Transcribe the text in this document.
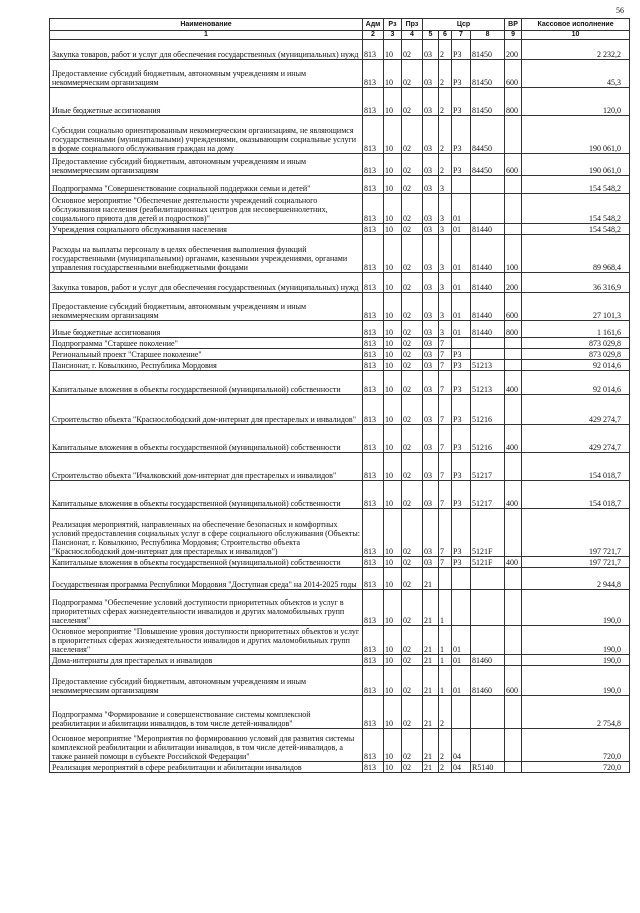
56
Наименование	Адм	Рз	Прз	Цср				ВР	Кассовое исполнение
1	2	3	4	5	6	7	8	9	10
Закупка товаров, работ и услуг для обеспечения государственных (муниципальных) нужд	813	10	02	03	2	P3	81450	200	2 232,2
Предоставление субсидий бюджетным, автономным учреждениям и иным некоммерческим организациям	813	10	02	03	2	P3	81450	600	45,3
Иные бюджетные ассигнования	813	10	02	03	2	P3	81450	800	120,0
Субсидии социально ориентированным некоммерческим организациям, не являющимся государственными (муниципальными) учреждениями, оказывающим социальные услуги в форме социального обслуживания граждан на дому	813	10	02	03	2	P3	84450		190 061,0
Предоставление субсидий бюджетным, автономным учреждениям и иным некоммерческим организациям	813	10	02	03	2	P3	84450	600	190 061,0
Подпрограмма "Совершенствование социальной поддержки семьи и детей"	813	10	02	03	3				154 548,2
Основное мероприятие "Обеспечение деятельности учреждений социального обслуживания населения (реабилитационных центров для несовершеннолетних, социального приюта для детей и подростков)"	813	10	02	03	3	01			154 548,2
Учреждения социального обслуживания населения	813	10	02	03	3	01	81440		154 548,2
Расходы на выплаты персоналу в целях обеспечения выполнения функций государственными (муниципальными) органами, казенными учреждениями, органами управления государственными внебюджетными фондами	813	10	02	03	3	01	81440	100	89 968,4
Закупка товаров, работ и услуг для обеспечения государственных (муниципальных) нужд	813	10	02	03	3	01	81440	200	36 316,9
Предоставление субсидий бюджетным, автономным учреждениям и иным некоммерческим организациям	813	10	02	03	3	01	81440	600	27 101,3
Иные бюджетные ассигнования	813	10	02	03	3	01	81440	800	1 161,6
Подпрограмма "Старшее поколение"	813	10	02	03	7				873 029,8
Региональный проект "Старшее поколение"	813	10	02	03	7	P3			873 029,8
Пансионат, г. Ковылкино, Республика Мордовия	813	10	02	03	7	P3	51213		92 014,6
Капитальные вложения в объекты государственной (муниципальной) собственности	813	10	02	03	7	P3	51213	400	92 014,6
Строительство объекта "Краснослободский дом-интернат для престарелых и инвалидов"	813	10	02	03	7	P3	51216		429 274,7
Капитальные вложения в объекты государственной (муниципальной) собственности	813	10	02	03	7	P3	51216	400	429 274,7
Строительство объекта "Ичалковский дом-интернат для престарелых и инвалидов"	813	10	02	03	7	P3	51217		154 018,7
Капитальные вложения в объекты государственной (муниципальной) собственности	813	10	02	03	7	P3	51217	400	154 018,7
Реализация мероприятий, направленных на обеспечение безопасных и комфортных условий предоставления социальных услуг в сфере социального обслуживания (Объекты: Пансионат, г. Ковылкино, Республика Мордовия; Строительство объекта "Краснослободский дом-интернат для престарелых и инвалидов")	813	10	02	03	7	P3	5121F		197 721,7
Капитальные вложения в объекты государственной (муниципальной) собственности	813	10	02	03	7	P3	5121F	400	197 721,7
Государственная программа Республики Мордовия "Доступная среда" на 2014-2025 годы	813	10	02	21					2 944,8
Подпрограмма "Обеспечение условий доступности приоритетных объектов и услуг в приоритетных сферах жизнедеятельности инвалидов и других маломобильных групп населения"	813	10	02	21	1				190,0
Основное мероприятие "Повышение уровня доступности приоритетных объектов и услуг в приоритетных сферах жизнедеятельности инвалидов и других маломобильных групп населения"	813	10	02	21	1	01			190,0
Дома-интернаты для престарелых и инвалидов	813	10	02	21	1	01	81460		190,0
Предоставление субсидий бюджетным, автономным учреждениям и иным некоммерческим организациям	813	10	02	21	1	01	81460	600	190,0
Подпрограмма "Формирование и совершенствование системы комплексной реабилитации и абилитации инвалидов, в том числе детей-инвалидов"	813	10	02	21	2				2 754,8
Основное мероприятие "Мероприятия по формированию условий для развития системы комплексной реабилитации и абилитации инвалидов, в том числе детей-инвалидов, а также ранней помощи в субъекте Российской Федерации"	813	10	02	21	2	04			720,0
Реализация мероприятий в сфере реабилитации и абилитации инвалидов	813	10	02	21	2	04	R5140		720,0
